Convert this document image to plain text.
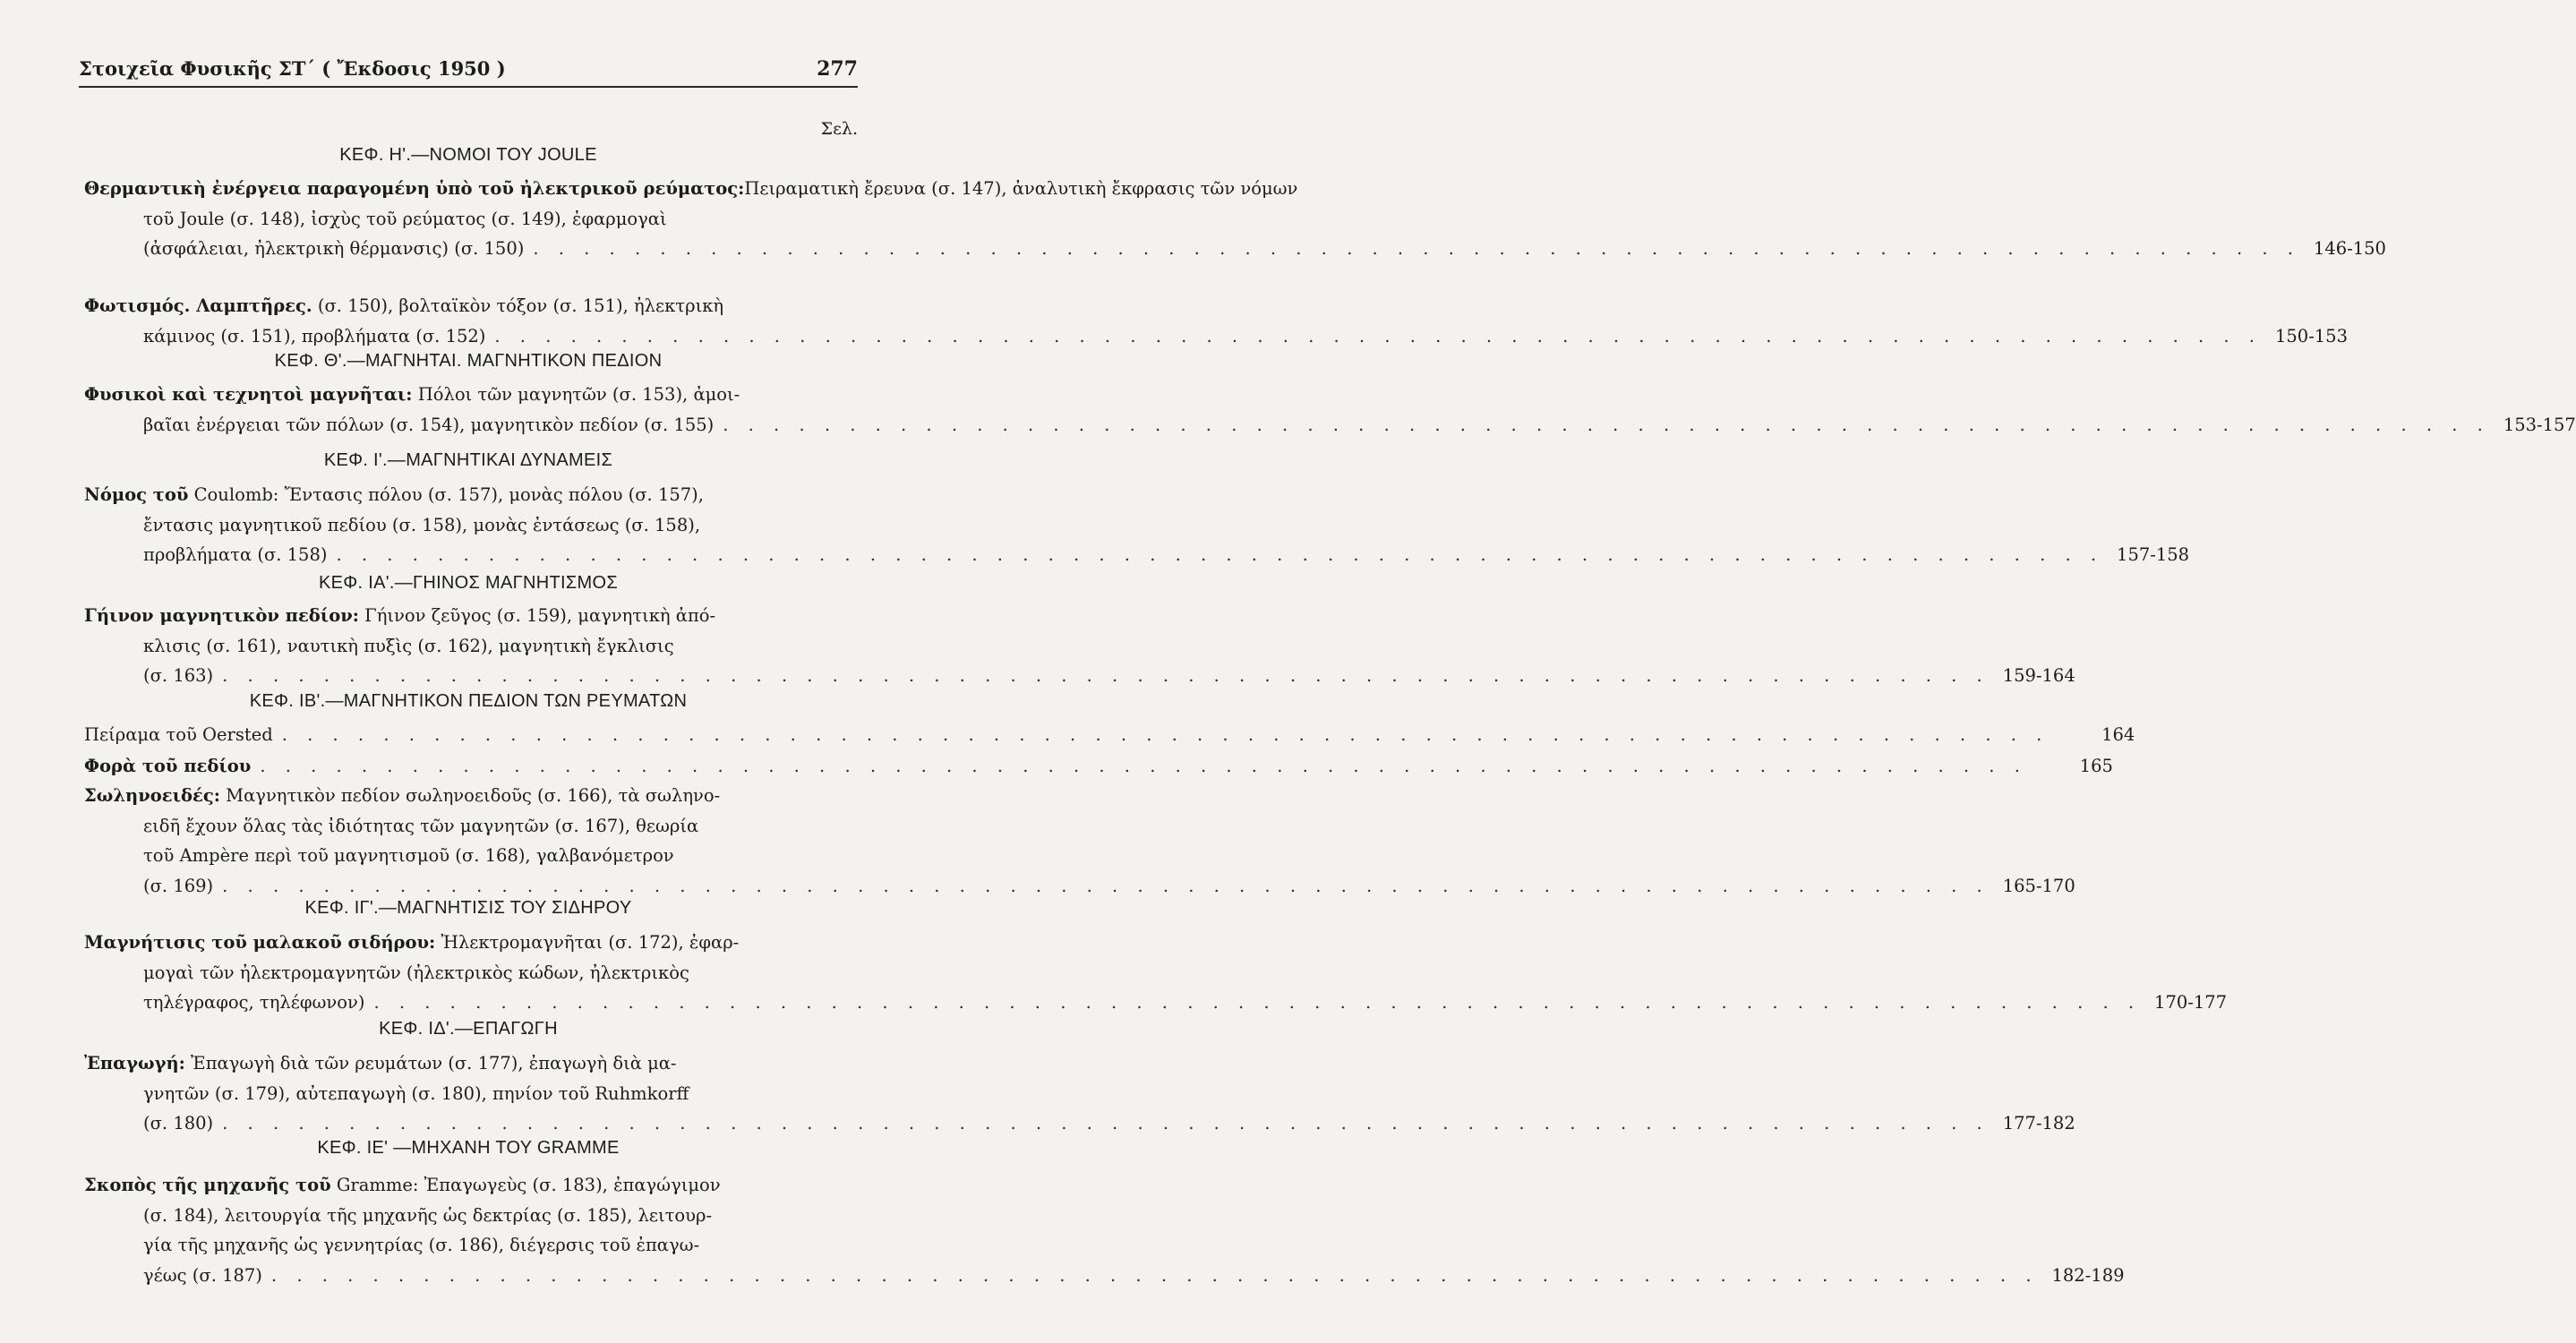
Στοιχεῖα Φυσικῆς ΣΤ΄ ( Ἔκδοσις 1950 )	277
Σελ.
ΚΕΦ. Η'.—ΝΟΜΟΙ ΤΟΥ JOULE
Θερμαντικὴ ἐνέργεια παραγομένη ὑπὸ τοῦ ἠλεκτρικοῦ ρεύματος: Πειραματικὴ ἔρευνα (σ. 147), ἀναλυτικὴ ἔκφρασις τῶν νόμων
τοῦ Joule (σ. 148), ἰσχὺς τοῦ ρεύματος (σ. 149), ἐφαρμογαὶ
(ἀσφάλειαι, ἠλεκτρικὴ θέρμανσις) (σ. 150) . . .	146-150
Φωτισμός. Λαμπτῆρες. (σ. 150), βολταϊκὸν τόξον (σ. 151), ἠλεκτρικὴ
κάμινος (σ. 151), προβλήματα (σ. 152) . . .	150-153
ΚΕΦ. Θ'.—ΜΑΓΝΗΤΑΙ. ΜΑΓΝΗΤΙΚΟΝ ΠΕΔΙΟΝ
Φυσικοὶ καὶ τεχνητοὶ μαγνῆται: Πόλοι τῶν μαγνητῶν (σ. 153), ἀμοι-
βαῖαι ἐνέργειαι τῶν πόλων (σ. 154), μαγνητικὸν πεδίον (σ. 155) . . .	153-157
ΚΕΦ. Ι'.—ΜΑΓΝΗΤΙΚΑΙ ΔΥΝΑΜΕΙΣ
Νόμος τοῦ Coulomb: Ἔντασις πόλου (σ. 157), μονὰς πόλου (σ. 157),
ἔντασις μαγνητικοῦ πεδίου (σ. 158), μονὰς ἐντάσεως (σ. 158),
προβλήματα (σ. 158) . . .	157-158
ΚΕΦ. ΙΑ'.—ΓΗΙΝΟΣ ΜΑΓΝΗΤΙΣΜΟΣ
Γήινον μαγνητικὸν πεδίον: Γήινον ζεῦγος (σ. 159), μαγνητικὴ ἀπό-
κλισις (σ. 161), ναυτικὴ πυξὶς (σ. 162), μαγνητικὴ ἔγκλισις
(σ. 163) . . .	159-164
ΚΕΦ. ΙΒ'.—ΜΑΓΝΗΤΙΚΟΝ ΠΕΔΙΟΝ ΤΩΝ ΡΕΥΜΑΤΩΝ
Πείραμα τοῦ Oersted . . .	164
Φορὰ τοῦ πεδίου . . .	165
Σωληνοειδές: Μαγνητικὸν πεδίον σωληνοειδοῦς (σ. 166), τὰ σωληνο-
ειδῆ ἔχουν ὅλας τὰς ἰδιότητας τῶν μαγνητῶν (σ. 167), θεωρία
τοῦ Ampère περὶ τοῦ μαγνητισμοῦ (σ. 168), γαλβανόμετρον
(σ. 169) . . .	165-170
ΚΕΦ. ΙΓ'.—ΜΑΓΝΗΤΙΣΙΣ ΤΟΥ ΣΙΔΗΡΟΥ
Μαγνήτισις τοῦ μαλακοῦ σιδήρου: Ἠλεκτρομαγνῆται (σ. 172), ἐφαρ-
μογαὶ τῶν ἠλεκτρομαγνητῶν (ἠλεκτρικὸς κώδων, ἠλεκτρικὸς
τηλέγραφος, τηλέφωνον) . . .	170-177
ΚΕΦ. ΙΔ'.—ΕΠΑΓΩΓΗ
Ἐπαγωγή: Ἐπαγωγὴ διὰ τῶν ρευμάτων (σ. 177), ἐπαγωγὴ διὰ μα-
γνητῶν (σ. 179), αὐτεπαγωγὴ (σ. 180), πηνίον τοῦ Ruhmkorff
(σ. 180) . . .	177-182
ΚΕΦ. ΙΕ' —ΜΗΧΑΝΗ ΤΟΥ GRAMME
Σκοπὸς τῆς μηχανῆς τοῦ Gramme: Ἐπαγωγεὺς (σ. 183), ἐπαγώγιμον
(σ. 184), λειτουργία τῆς μηχανῆς ὡς δεκτρίας (σ. 185), λειτουρ-
γία τῆς μηχανῆς ὡς γεννητρίας (σ. 186), διέγερσις τοῦ ἐπαγω-
γέως (σ. 187) . . .	182-189
